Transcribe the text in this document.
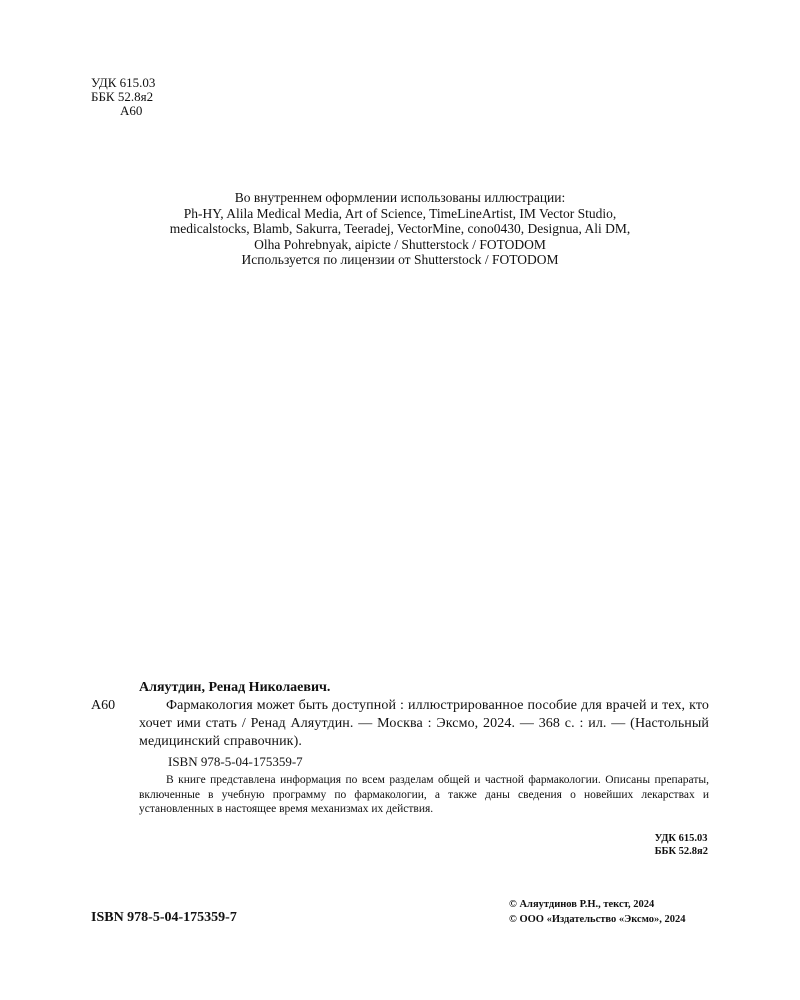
УДК 615.03
ББК 52.8я2
А60
Во внутреннем оформлении использованы иллюстрации:
Ph-HY, Alila Medical Media, Art of Science, TimeLineArtist, IM Vector Studio,
medicalstocks, Blamb, Sakurra, Teeradej, VectorMine, cono0430, Designua, Ali DM,
Olha Pohrebnyak, aipicte / Shutterstock / FOTODOM
Используется по лицензии от Shutterstock / FOTODOM
Аляутдин, Ренад Николаевич.
А60	Фармакология может быть доступной : иллюстрированное пособие для врачей и тех, кто хочет ими стать / Ренад Аляутдин. — Москва : Эксмо, 2024. — 368 с. : ил. — (Настольный медицинский справочник).

ISBN 978-5-04-175359-7

В книге представлена информация по всем разделам общей и частной фармакологии. Описаны препараты, включенные в учебную программу по фармакологии, а также даны сведения о новейших лекарствах и установленных в настоящее время механизмах их действия.

УДК 615.03
ББК 52.8я2
ISBN 978-5-04-175359-7
© Аляутдинов Р.Н., текст, 2024
© ООО «Издательство «Эксмо», 2024
